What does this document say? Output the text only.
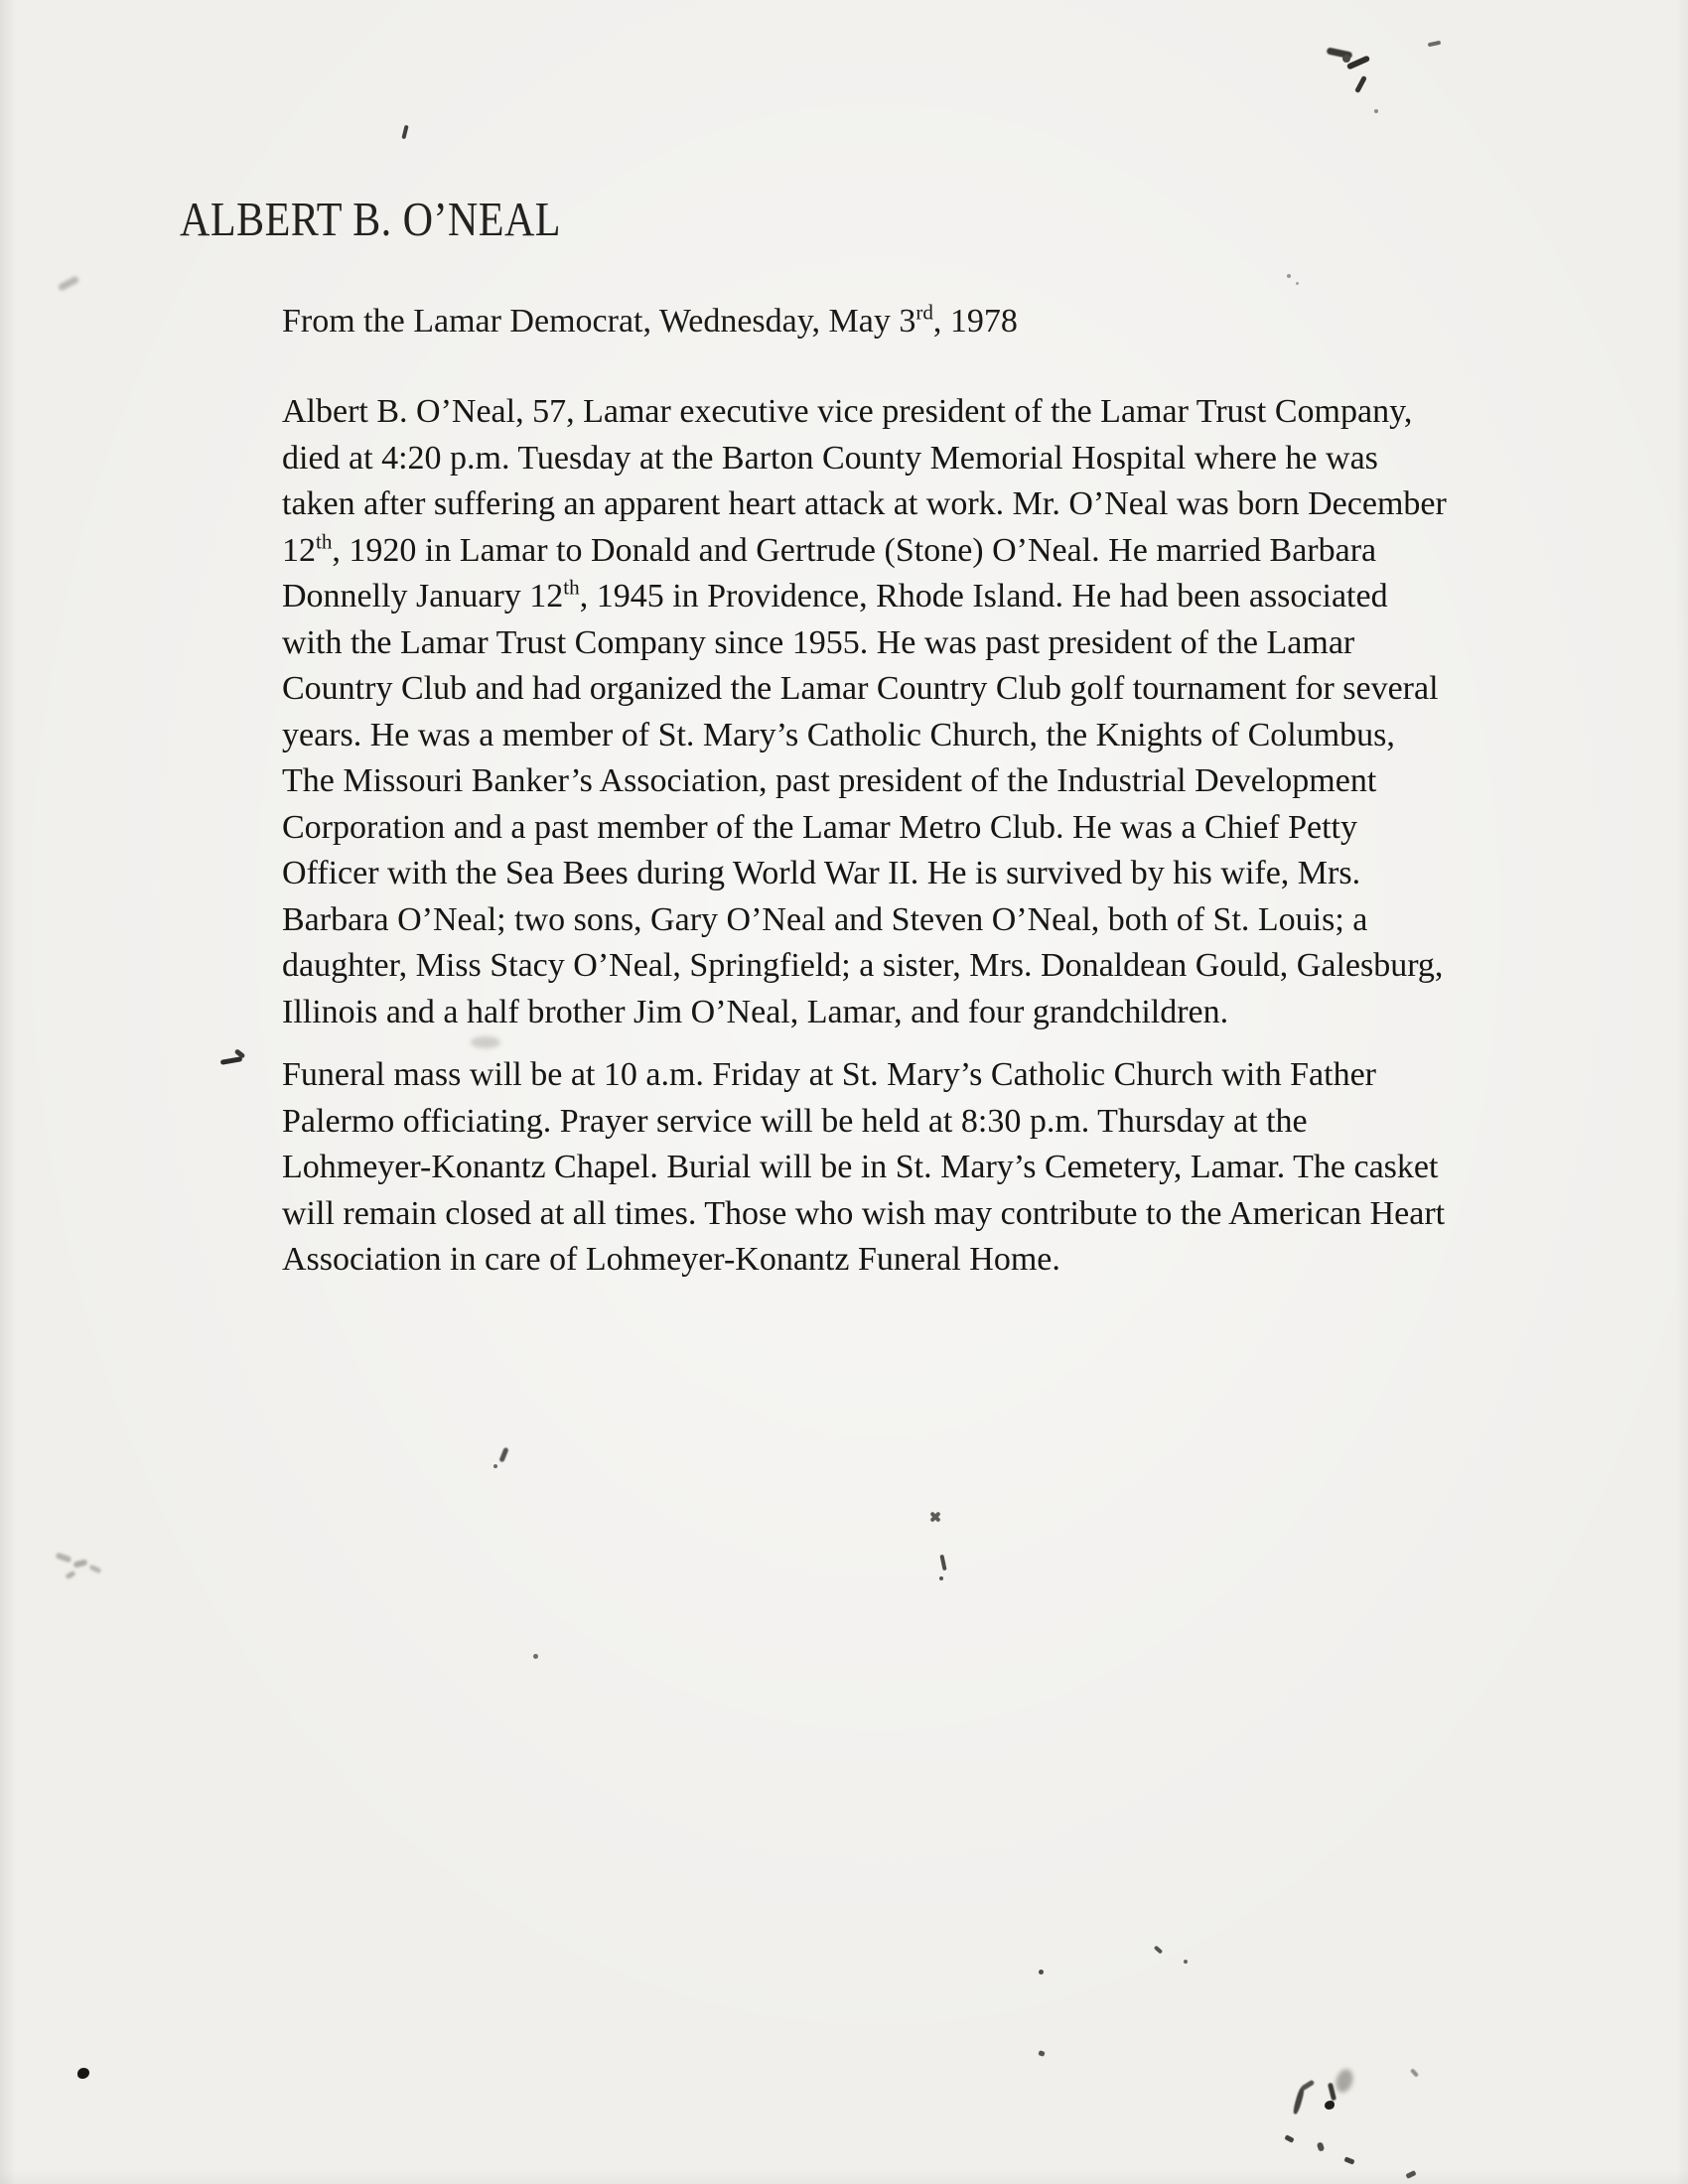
ALBERT B. O’NEAL

From the Lamar Democrat, Wednesday, May 3rd, 1978

Albert B. O’Neal, 57, Lamar executive vice president of the Lamar Trust Company,
died at 4:20 p.m. Tuesday at the Barton County Memorial Hospital where he was
taken after suffering an apparent heart attack at work. Mr. O’Neal was born December
12th, 1920 in Lamar to Donald and Gertrude (Stone) O’Neal. He married Barbara
Donnelly January 12th, 1945 in Providence, Rhode Island. He had been associated
with the Lamar Trust Company since 1955. He was past president of the Lamar
Country Club and had organized the Lamar Country Club golf tournament for several
years. He was a member of St. Mary’s Catholic Church, the Knights of Columbus,
The Missouri Banker’s Association, past president of the Industrial Development
Corporation and a past member of the Lamar Metro Club. He was a Chief Petty
Officer with the Sea Bees during World War II. He is survived by his wife, Mrs.
Barbara O’Neal; two sons, Gary O’Neal and Steven O’Neal, both of St. Louis; a
daughter, Miss Stacy O’Neal, Springfield; a sister, Mrs. Donaldean Gould, Galesburg,
Illinois and a half brother Jim O’Neal, Lamar, and four grandchildren.

Funeral mass will be at 10 a.m. Friday at St. Mary’s Catholic Church with Father
Palermo officiating. Prayer service will be held at 8:30 p.m. Thursday at the
Lohmeyer-Konantz Chapel. Burial will be in St. Mary’s Cemetery, Lamar. The casket
will remain closed at all times. Those who wish may contribute to the American Heart
Association in care of Lohmeyer-Konantz Funeral Home.
